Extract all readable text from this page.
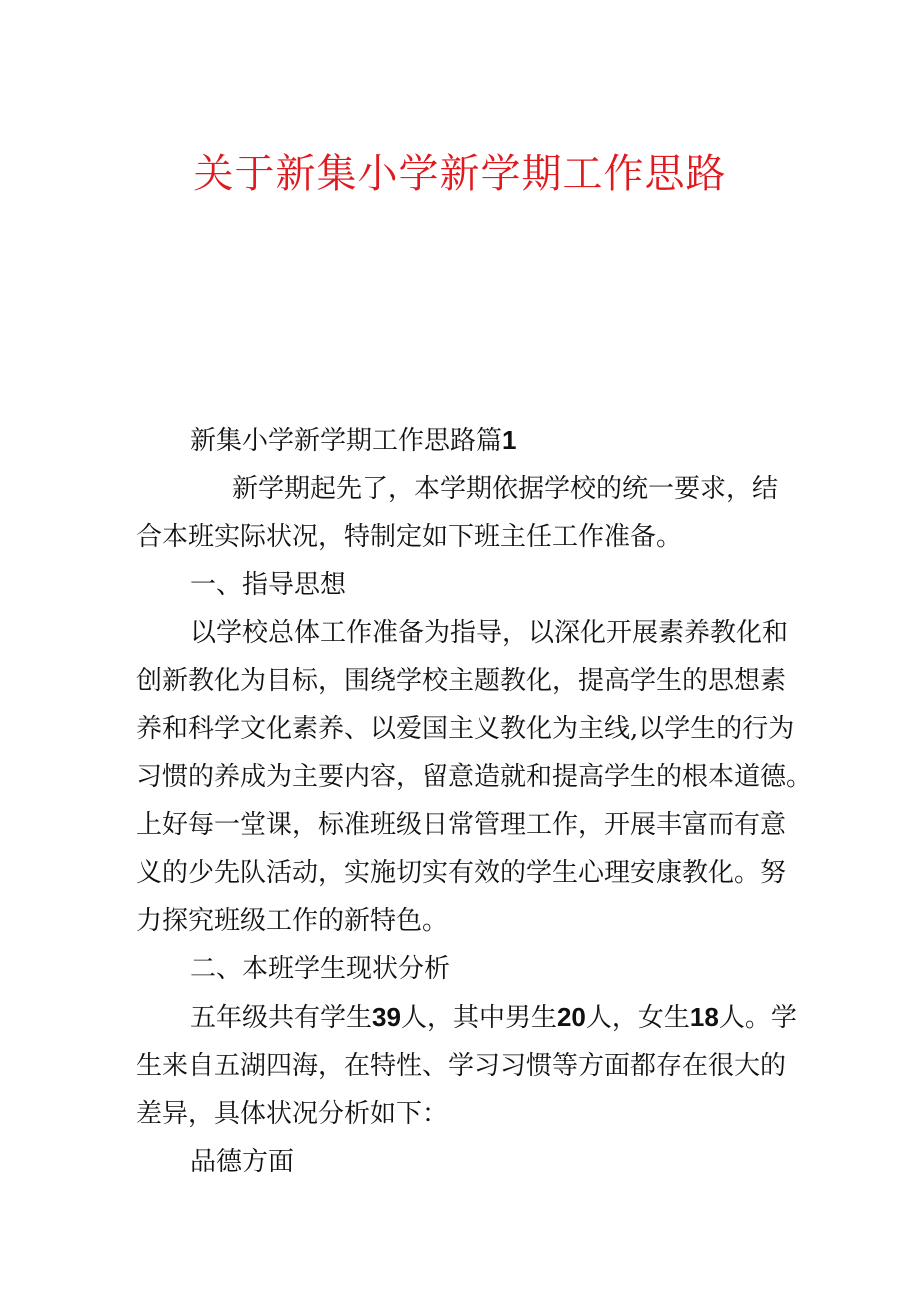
关于新集小学新学期工作思路

新集小学新学期工作思路篇1

新学期起先了，本学期依据学校的统一要求，结

合本班实际状况，特制定如下班主任工作准备。

一、指导思想

以学校总体工作准备为指导，以深化开展素养教化和

创新教化为目标，围绕学校主题教化，提高学生的思想素

养和科学文化素养、以爱国主义教化为主线,以学生的行为

习惯的养成为主要内容，留意造就和提高学生的根本道德。

上好每一堂课，标准班级日常管理工作，开展丰富而有意

义的少先队活动，实施切实有效的学生心理安康教化。努

力探究班级工作的新特色。

二、本班学生现状分析

五年级共有学生39人，其中男生20人，女生18人。学

生来自五湖四海，在特性、学习习惯等方面都存在很大的

差异，具体状况分析如下：

品德方面
